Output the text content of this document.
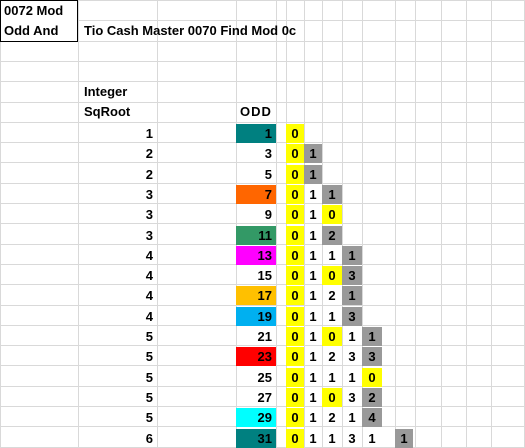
0072 Mod
Odd And	Tio Cash Master 0070 Find Mod 0c
Integer
SqRoot	ODD
1	1	0
2	3	0 1
2	5	0 1
3	7	0 1 1
3	9	0 1 0
3	11	0 1 2
4	13	0 1 1 1
4	15	0 1 0 3
4	17	0 1 2 1
4	19	0 1 1 3
5	21	0 1 0 1 1
5	23	0 1 2 3 3
5	25	0 1 1 1 0
5	27	0 1 0 3 2
5	29	0 1 2 1 4
6	31	0 1 1 3 1	1
